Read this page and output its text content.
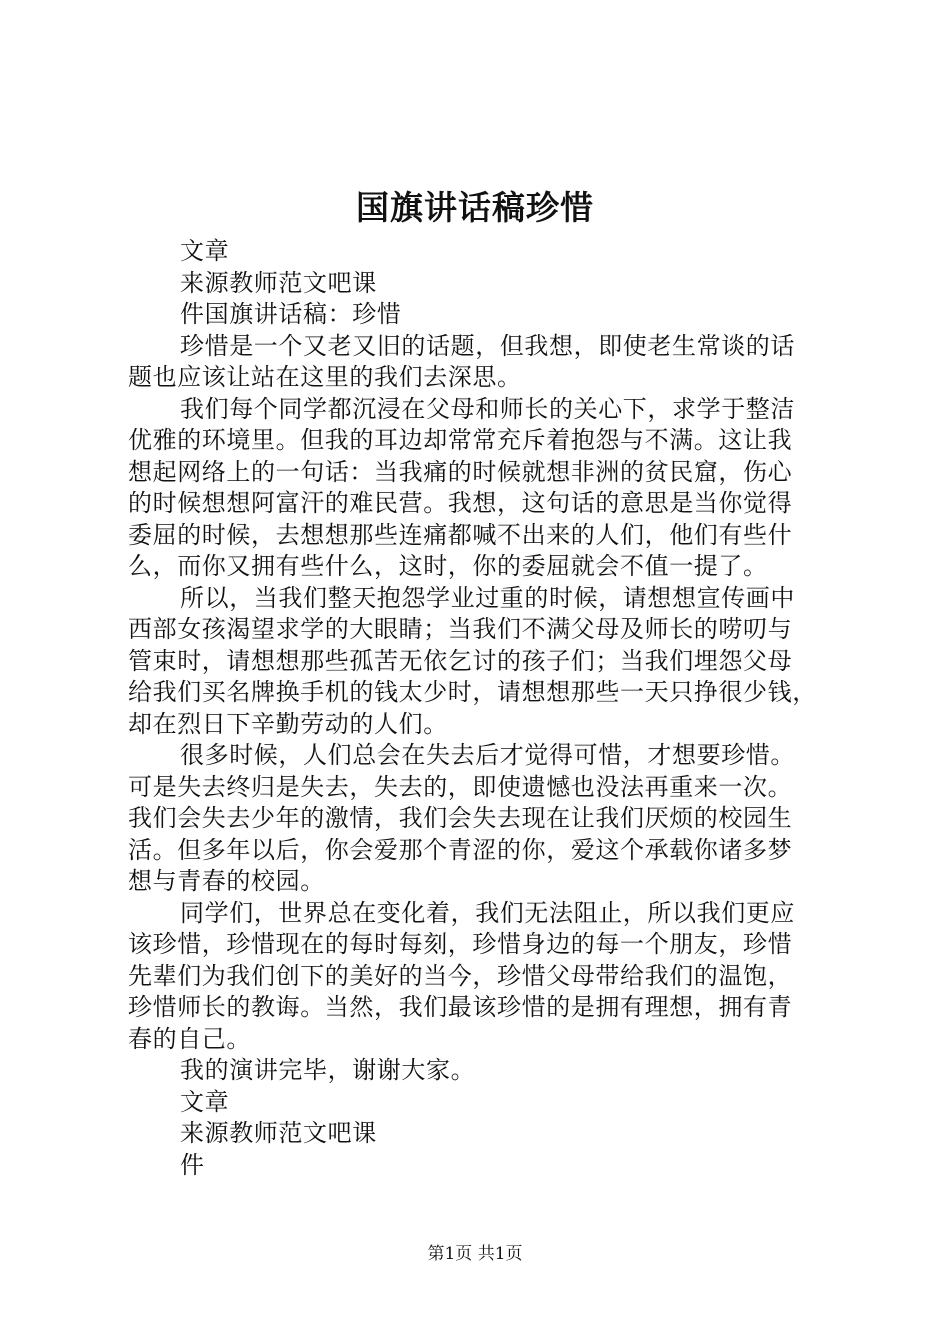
国旗讲话稿珍惜
文章
来源教师范文吧课
件国旗讲话稿：珍惜
珍惜是一个又老又旧的话题，但我想，即使老生常谈的话
题也应该让站在这里的我们去深思。
我们每个同学都沉浸在父母和师长的关心下，求学于整洁
优雅的环境里。但我的耳边却常常充斥着抱怨与不满。这让我
想起网络上的一句话：当我痛的时候就想非洲的贫民窟，伤心
的时候想想阿富汗的难民营。我想，这句话的意思是当你觉得
委屈的时候，去想想那些连痛都喊不出来的人们，他们有些什
么，而你又拥有些什么，这时，你的委屈就会不值一提了。
所以，当我们整天抱怨学业过重的时候，请想想宣传画中
西部女孩渴望求学的大眼睛；当我们不满父母及师长的唠叨与
管束时，请想想那些孤苦无依乞讨的孩子们；当我们埋怨父母
给我们买名牌换手机的钱太少时，请想想那些一天只挣很少钱，
却在烈日下辛勤劳动的人们。
很多时候，人们总会在失去后才觉得可惜，才想要珍惜。
可是失去终归是失去，失去的，即使遗憾也没法再重来一次。
我们会失去少年的激情，我们会失去现在让我们厌烦的校园生
活。但多年以后，你会爱那个青涩的你，爱这个承载你诸多梦
想与青春的校园。
同学们，世界总在变化着，我们无法阻止，所以我们更应
该珍惜，珍惜现在的每时每刻，珍惜身边的每一个朋友，珍惜
先辈们为我们创下的美好的当今，珍惜父母带给我们的温饱，
珍惜师长的教诲。当然，我们最该珍惜的是拥有理想，拥有青
春的自己。
我的演讲完毕，谢谢大家。
文章
来源教师范文吧课
件
第1页 共1页
